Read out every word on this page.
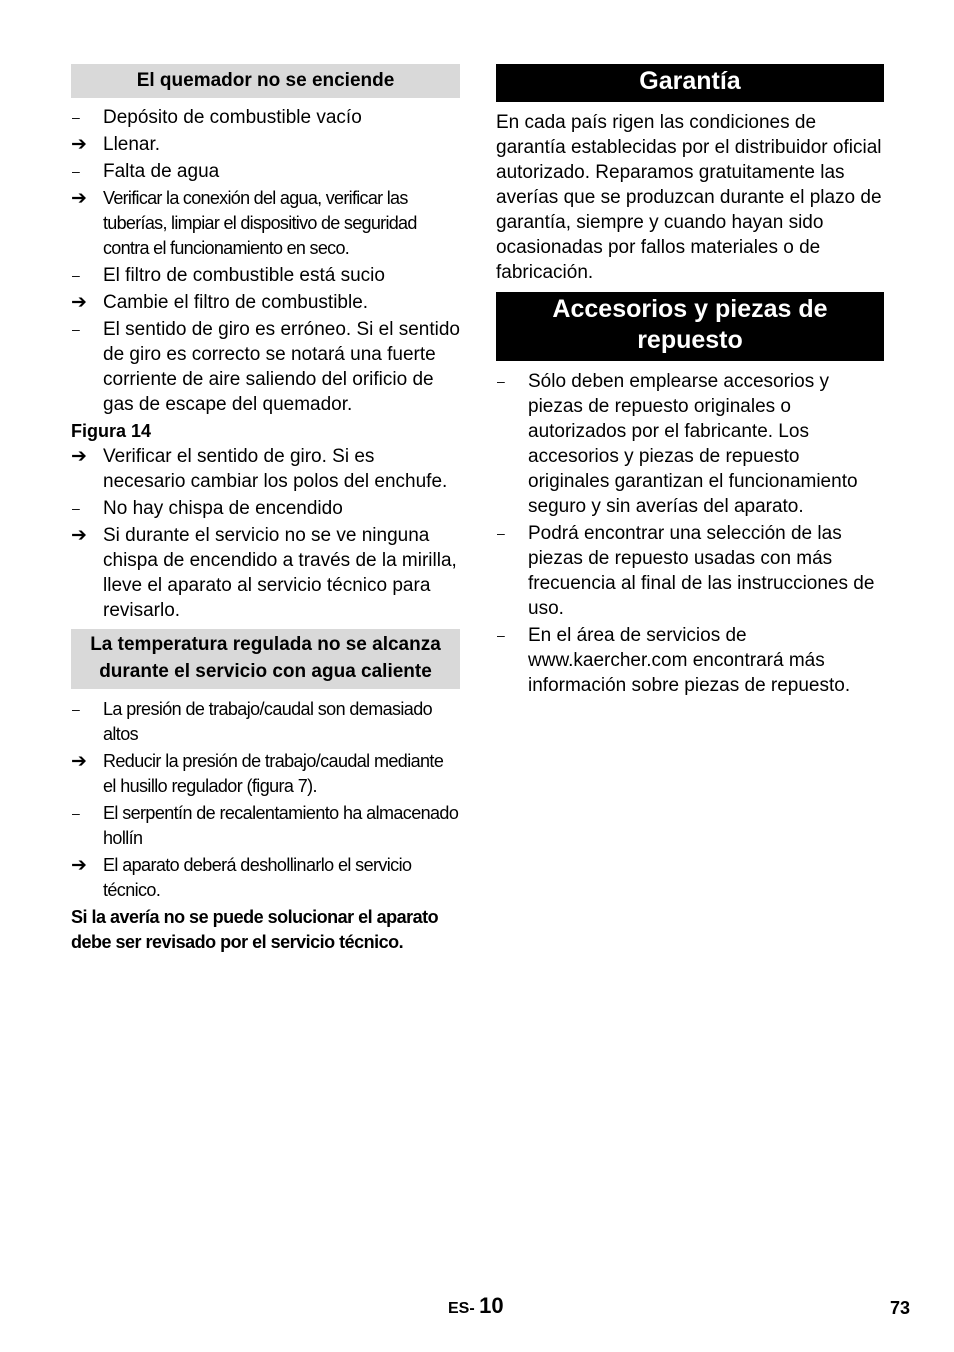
El quemador no se enciende
–	Depósito de combustible vacío
➔ Llenar.
–	Falta de agua
➔ Verificar la conexión del agua, verificar las tuberías, limpiar el dispositivo de seguridad contra el funcionamiento en seco.
–	El filtro de combustible está sucio
➔ Cambie el filtro de combustible.
–	El sentido de giro es erróneo. Si el sentido de giro es correcto se notará una fuerte corriente de aire saliendo del orificio de gas de escape del quemador.

Figura 14

➔ Verificar el sentido de giro. Si es necesario cambiar los polos del enchufe.
–	No hay chispa de encendido
➔ Si durante el servicio no se ve ninguna chispa de encendido a través de la mirilla, lleve el aparato al servicio técnico para revisarlo.
La temperatura regulada no se alcanza durante el servicio con agua caliente
–	La presión de trabajo/caudal son demasiado altos
➔ Reducir la presión de trabajo/caudal mediante el husillo regulador (figura 7).
–	El serpentín de recalentamiento ha almacenado hollín
➔ El aparato deberá deshollinarlo el servicio técnico.

Si la avería no se puede solucionar el aparato debe ser revisado por el servicio técnico.

Garantía

En cada país rigen las condiciones de garantía establecidas por el distribuidor oficial autorizado. Reparamos gratuitamente las averías que se produzcan durante el plazo de garantía, siempre y cuando hayan sido ocasionadas por fallos materiales o de fabricación.

Accesorios y piezas de repuesto
–	Sólo deben emplearse accesorios y piezas de repuesto originales o autorizados por el fabricante. Los accesorios y piezas de repuesto originales garantizan el funcionamiento seguro y sin averías del aparato.
–	Podrá encontrar una selección de las piezas de repuesto usadas con más frecuencia al final de las instrucciones de uso.
–	En el área de servicios de www.kaercher.com encontrará más información sobre piezas de repuesto.
ES- 10	73
